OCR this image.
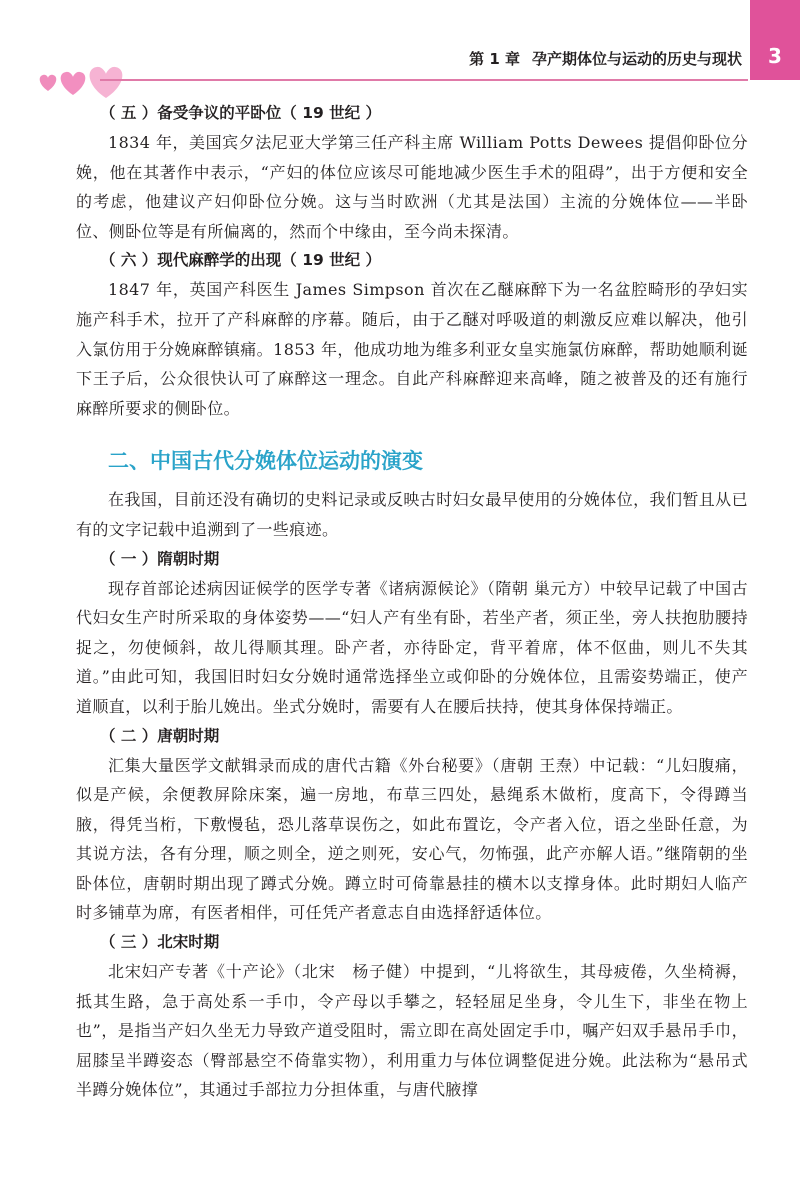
第 1 章 孕产期体位与运动的历史与现状	3
（ 五 ）备受争议的平卧位（ 19 世纪 ）

1834 年，美国宾夕法尼亚大学第三任产科主席 William Potts Dewees 提倡仰卧位分娩，他在其著作中表示，“产妇的体位应该尽可能地减少医生手术的阻碍”，出于方便和安全的考虑，他建议产妇仰卧位分娩。这与当时欧洲（尤其是法国）主流的分娩体位——半卧位、侧卧位等是有所偏离的，然而个中缘由，至今尚未探清。

（ 六 ）现代麻醉学的出现（ 19 世纪 ）

1847 年，英国产科医生 James Simpson 首次在乙醚麻醉下为一名盆腔畸形的孕妇实施产科手术，拉开了产科麻醉的序幕。随后，由于乙醚对呼吸道的刺激反应难以解决，他引入氯仿用于分娩麻醉镇痛。1853 年，他成功地为维多利亚女皇实施氯仿麻醉，帮助她顺利诞下王子后，公众很快认可了麻醉这一理念。自此产科麻醉迎来高峰，随之被普及的还有施行麻醉所要求的侧卧位。

二、中国古代分娩体位运动的演变

在我国，目前还没有确切的史料记录或反映古时妇女最早使用的分娩体位，我们暂且从已有的文字记载中追溯到了一些痕迹。

（ 一 ）隋朝时期

现存首部论述病因证候学的医学专著《诸病源候论》（隋朝 巢元方）中较早记载了中国古代妇女生产时所采取的身体姿势——“妇人产有坐有卧，若坐产者，须正坐，旁人扶抱肋腰持捉之，勿使倾斜，故儿得顺其理。卧产者，亦待卧定，背平着席，体不伛曲，则儿不失其道。”由此可知，我国旧时妇女分娩时通常选择坐立或仰卧的分娩体位，且需姿势端正，使产道顺直，以利于胎儿娩出。坐式分娩时，需要有人在腰后扶持，使其身体保持端正。

（ 二 ）唐朝时期

汇集大量医学文献辑录而成的唐代古籍《外台秘要》（唐朝 王焘）中记载：“儿妇腹痛，似是产候，余便教屏除床案，遍一房地，布草三四处，悬绳系木做桁，度高下，令得蹲当腋，得凭当桁，下敷慢毡，恐儿落草误伤之，如此布置讫，令产者入位，语之坐卧任意，为其说方法，各有分理，顺之则全，逆之则死，安心气，勿怖强，此产亦解人语。”继隋朝的坐卧体位，唐朝时期出现了蹲式分娩。蹲立时可倚靠悬挂的横木以支撑身体。此时期妇人临产时多铺草为席，有医者相伴，可任凭产者意志自由选择舒适体位。

（ 三 ）北宋时期

北宋妇产专著《十产论》（北宋　杨子健）中提到，“儿将欲生，其母疲倦，久坐椅褥，抵其生路，急于高处系一手巾，令产母以手攀之，轻轻屈足坐身，令儿生下，非坐在物上也”，是指当产妇久坐无力导致产道受阻时，需立即在高处固定手巾，嘱产妇双手悬吊手巾，屈膝呈半蹲姿态（臀部悬空不倚靠实物），利用重力与体位调整促进分娩。此法称为“悬吊式半蹲分娩体位”，其通过手部拉力分担体重，与唐代腋撑
